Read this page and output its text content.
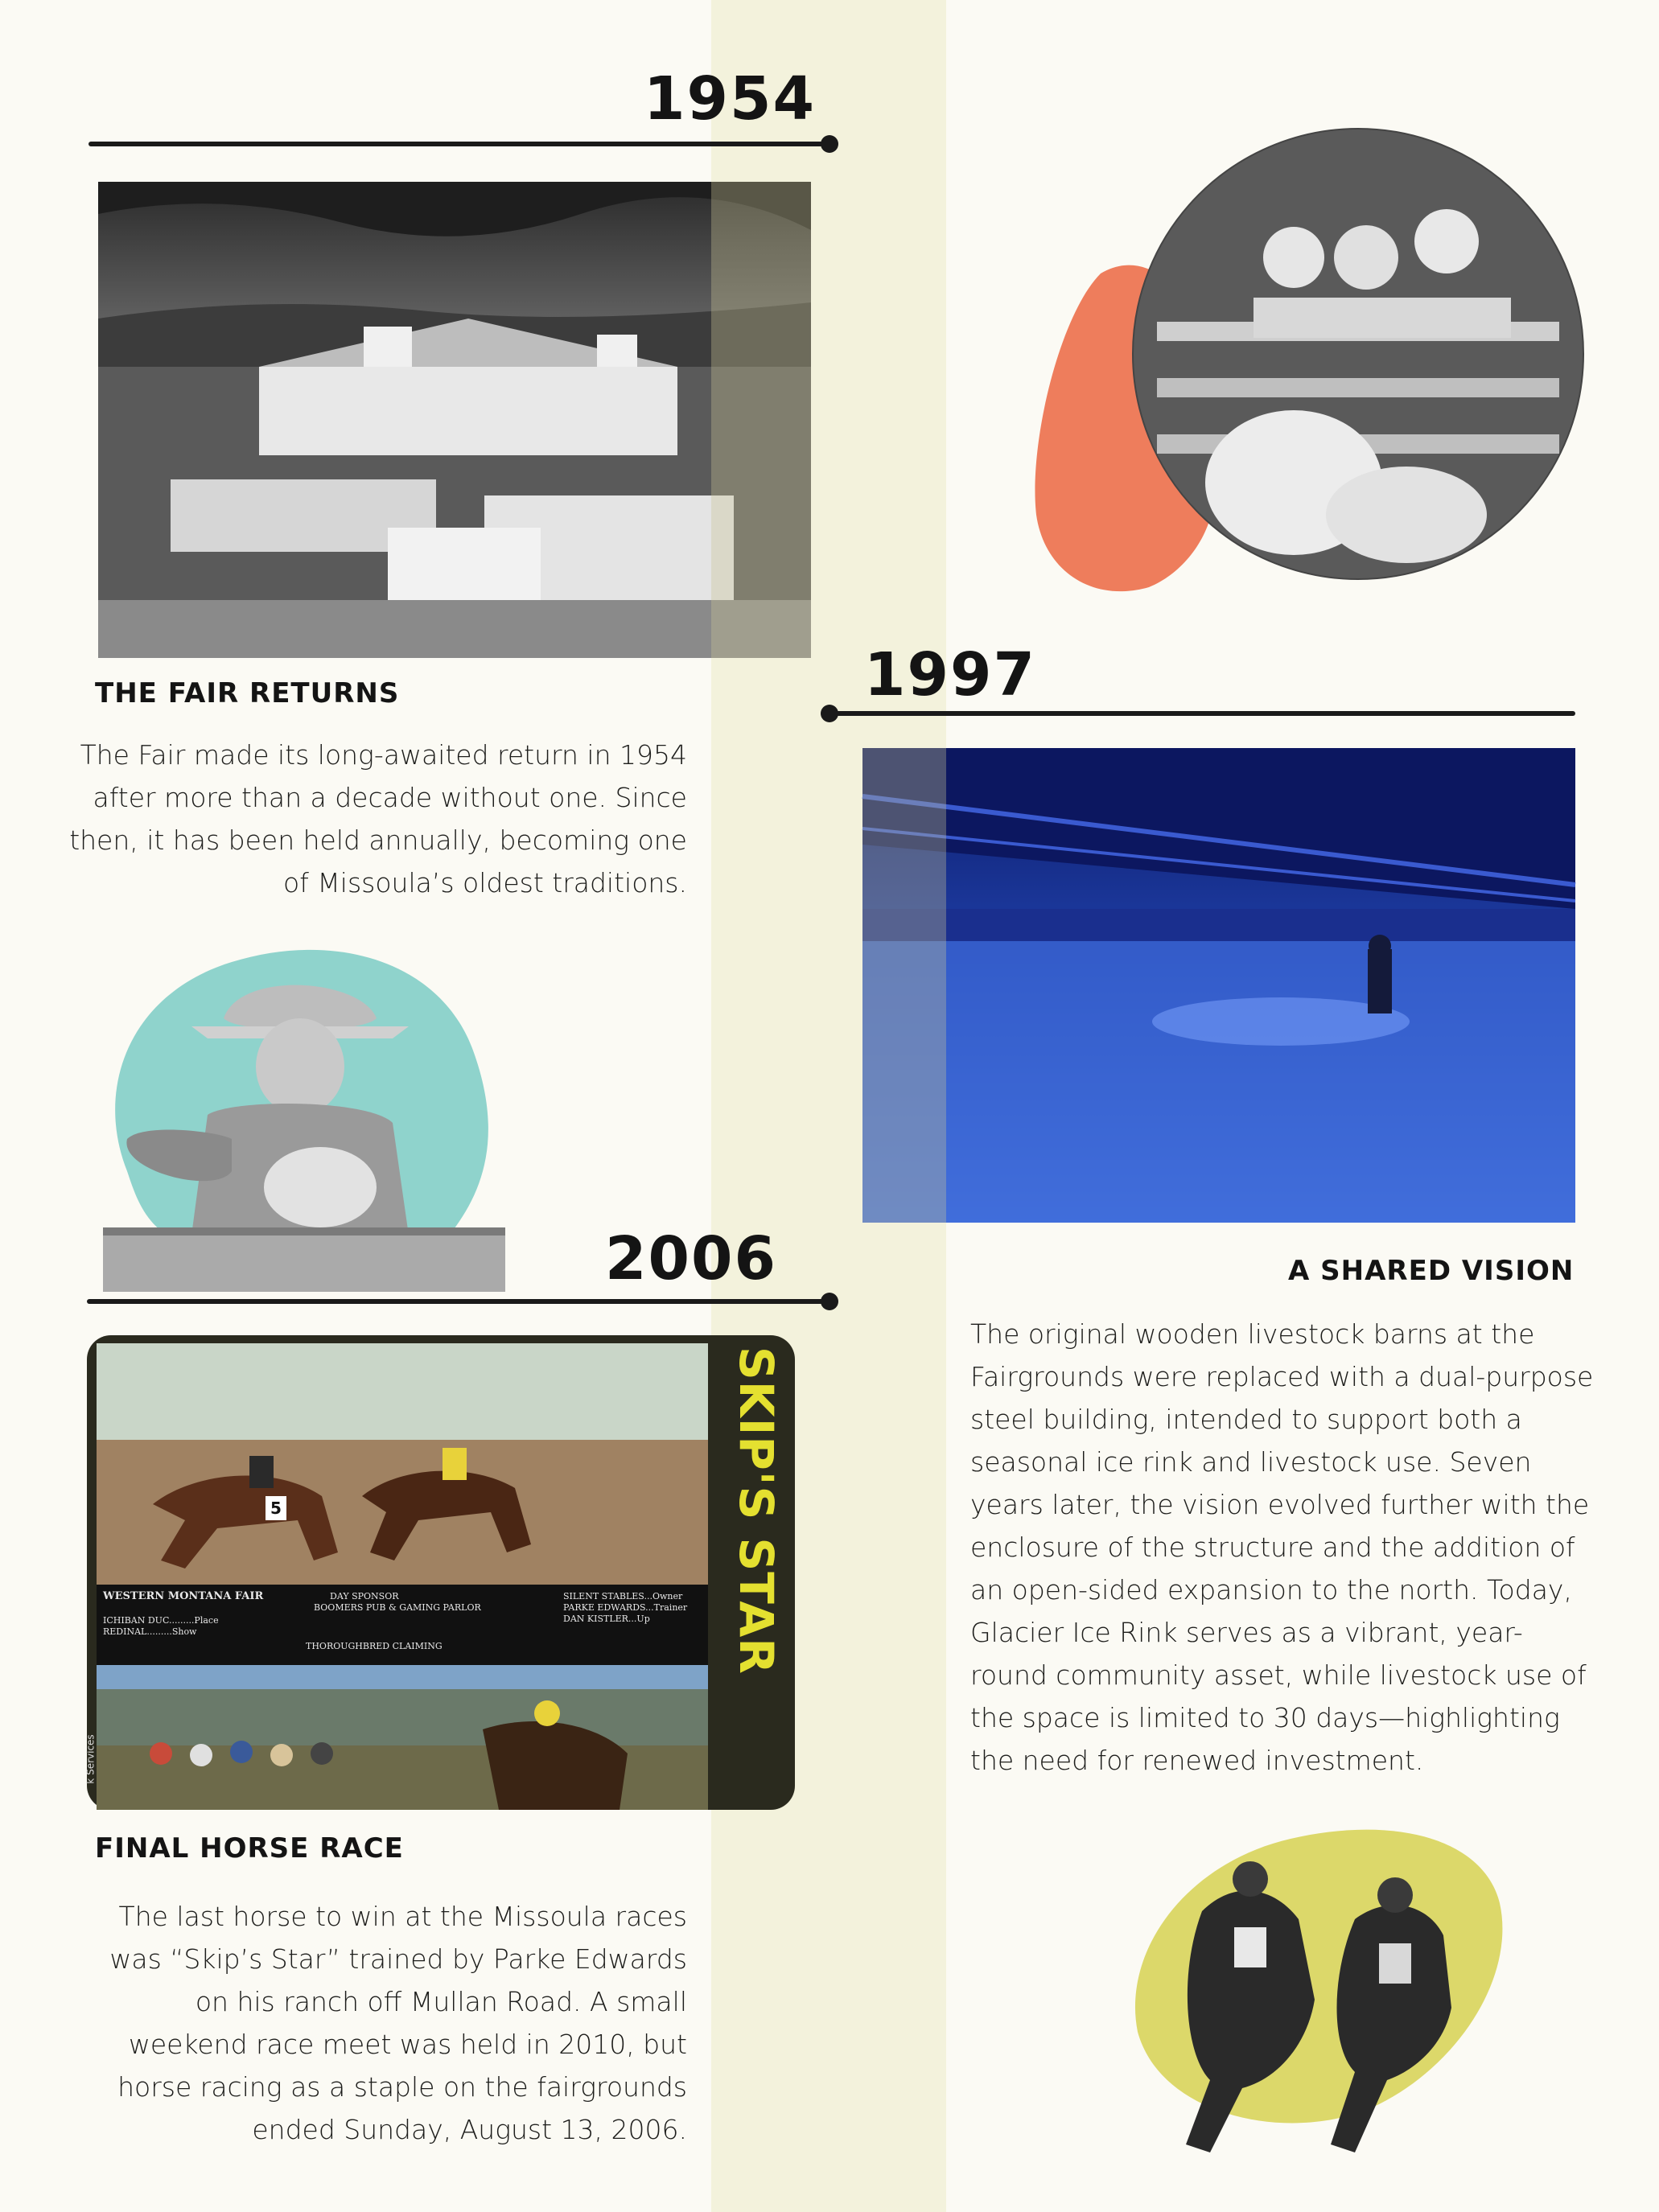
1954
THE FAIR RETURNS
The Fair made its long-awaited return in 1954 after more than a decade without one. Since then, it has been held annually, becoming one of Missoula’s oldest traditions.
1997
A SHARED VISION
The original wooden livestock barns at the Fairgrounds were replaced with a dual-purpose steel building, intended to support both a seasonal ice rink and livestock use. Seven years later, the vision evolved further with the enclosure of the structure and the addition of an open-sided expansion to the north. Today, Glacier Ice Rink serves as a vibrant, year-round community asset, while livestock use of the space is limited to 30 days—highlighting the need for renewed investment.
2006
5
WESTERN MONTANA FAIR
ICHIBAN DUC.........Place
REDINAL.........Show
DAY SPONSOR
BOOMERS PUB & GAMING PARLOR
THOROUGHBRED CLAIMING
SILENT STABLES...Owner
PARKE EDWARDS...Trainer
DAN KISTLER...Up
k Services
SKIP'S STAR
FINAL HORSE RACE
The last horse to win at the Missoula races was “Skip’s Star” trained by Parke Edwards on his ranch off Mullan Road. A small weekend race meet was held in 2010, but horse racing as a staple on the fairgrounds ended Sunday, August 13, 2006.
